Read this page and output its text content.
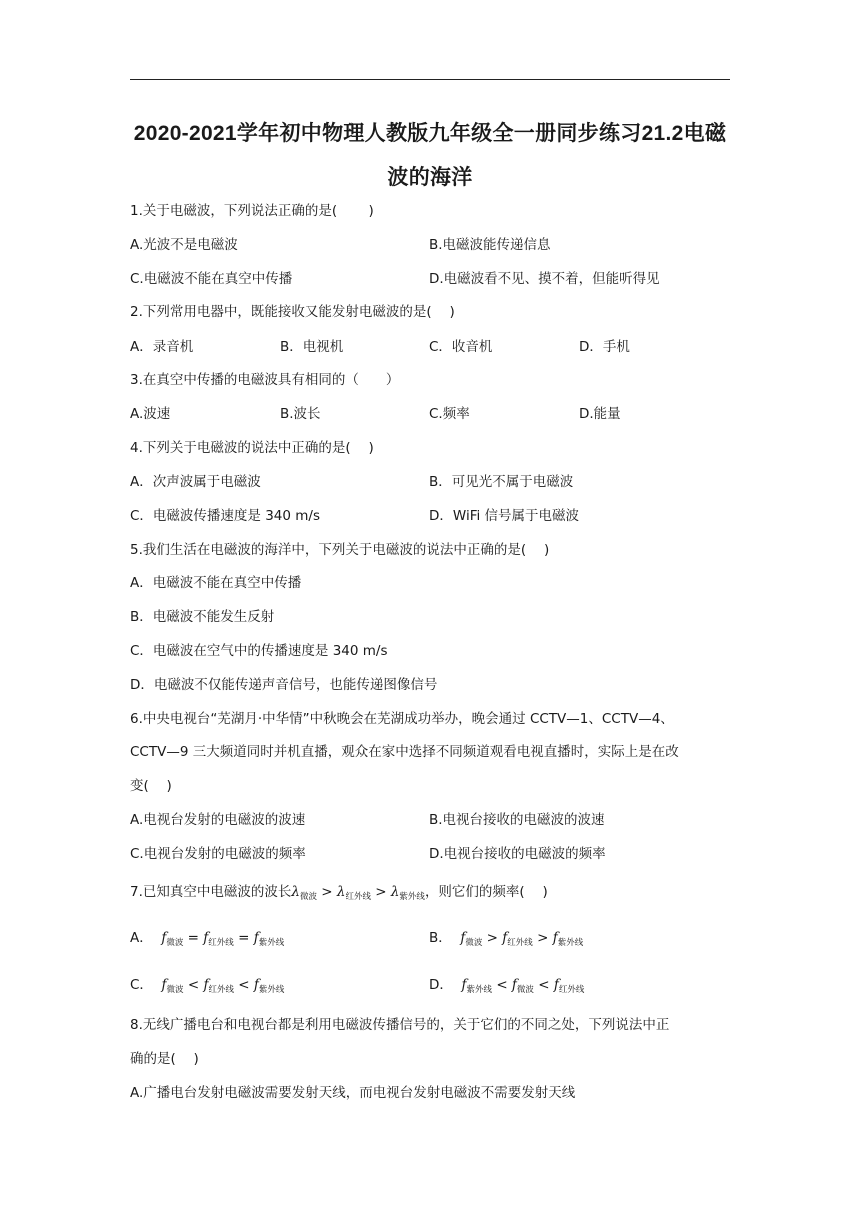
2020-2021学年初中物理人教版九年级全一册同步练习21.2电磁
波的海洋
1.关于电磁波，下列说法正确的是(　　 )
A.光波不是电磁波	B.电磁波能传递信息
C.电磁波不能在真空中传播	D.电磁波看不见、摸不着，但能听得见
2.下列常用电器中，既能接收又能发射电磁波的是(　 )
A．录音机	B．电视机	C．收音机	D．手机
3.在真空中传播的电磁波具有相同的（　　）
A.波速	B.波长	C.频率	D.能量
4.下列关于电磁波的说法中正确的是(　 )
A．次声波属于电磁波	B．可见光不属于电磁波
C．电磁波传播速度是 340 m/s	D．WiFi 信号属于电磁波
5.我们生活在电磁波的海洋中，下列关于电磁波的说法中正确的是(　 )
A．电磁波不能在真空中传播
B．电磁波不能发生反射
C．电磁波在空气中的传播速度是 340 m/s
D．电磁波不仅能传递声音信号，也能传递图像信号
6.中央电视台“芜湖月·中华情”中秋晚会在芜湖成功举办，晚会通过 CCTV—1、CCTV—4、
CCTV—9 三大频道同时并机直播，观众在家中选择不同频道观看电视直播时，实际上是在改
变(　 )
A.电视台发射的电磁波的波速	B.电视台接收的电磁波的波速
C.电视台发射的电磁波的频率	D.电视台接收的电磁波的频率
7.已知真空中电磁波的波长$\lambda_{微波} > \lambda_{红外线} > \lambda_{紫外线}$，则它们的频率(　 )
A． $f_{微波} = f_{红外线} = f_{紫外线}$	B． $f_{微波} > f_{红外线} > f_{紫外线}$
C． $f_{微波} < f_{红外线} < f_{紫外线}$	D． $f_{紫外线} < f_{微波} < f_{红外线}$
8.无线广播电台和电视台都是利用电磁波传播信号的，关于它们的不同之处，下列说法中正
确的是(　 )
A.广播电台发射电磁波需要发射天线，而电视台发射电磁波不需要发射天线
